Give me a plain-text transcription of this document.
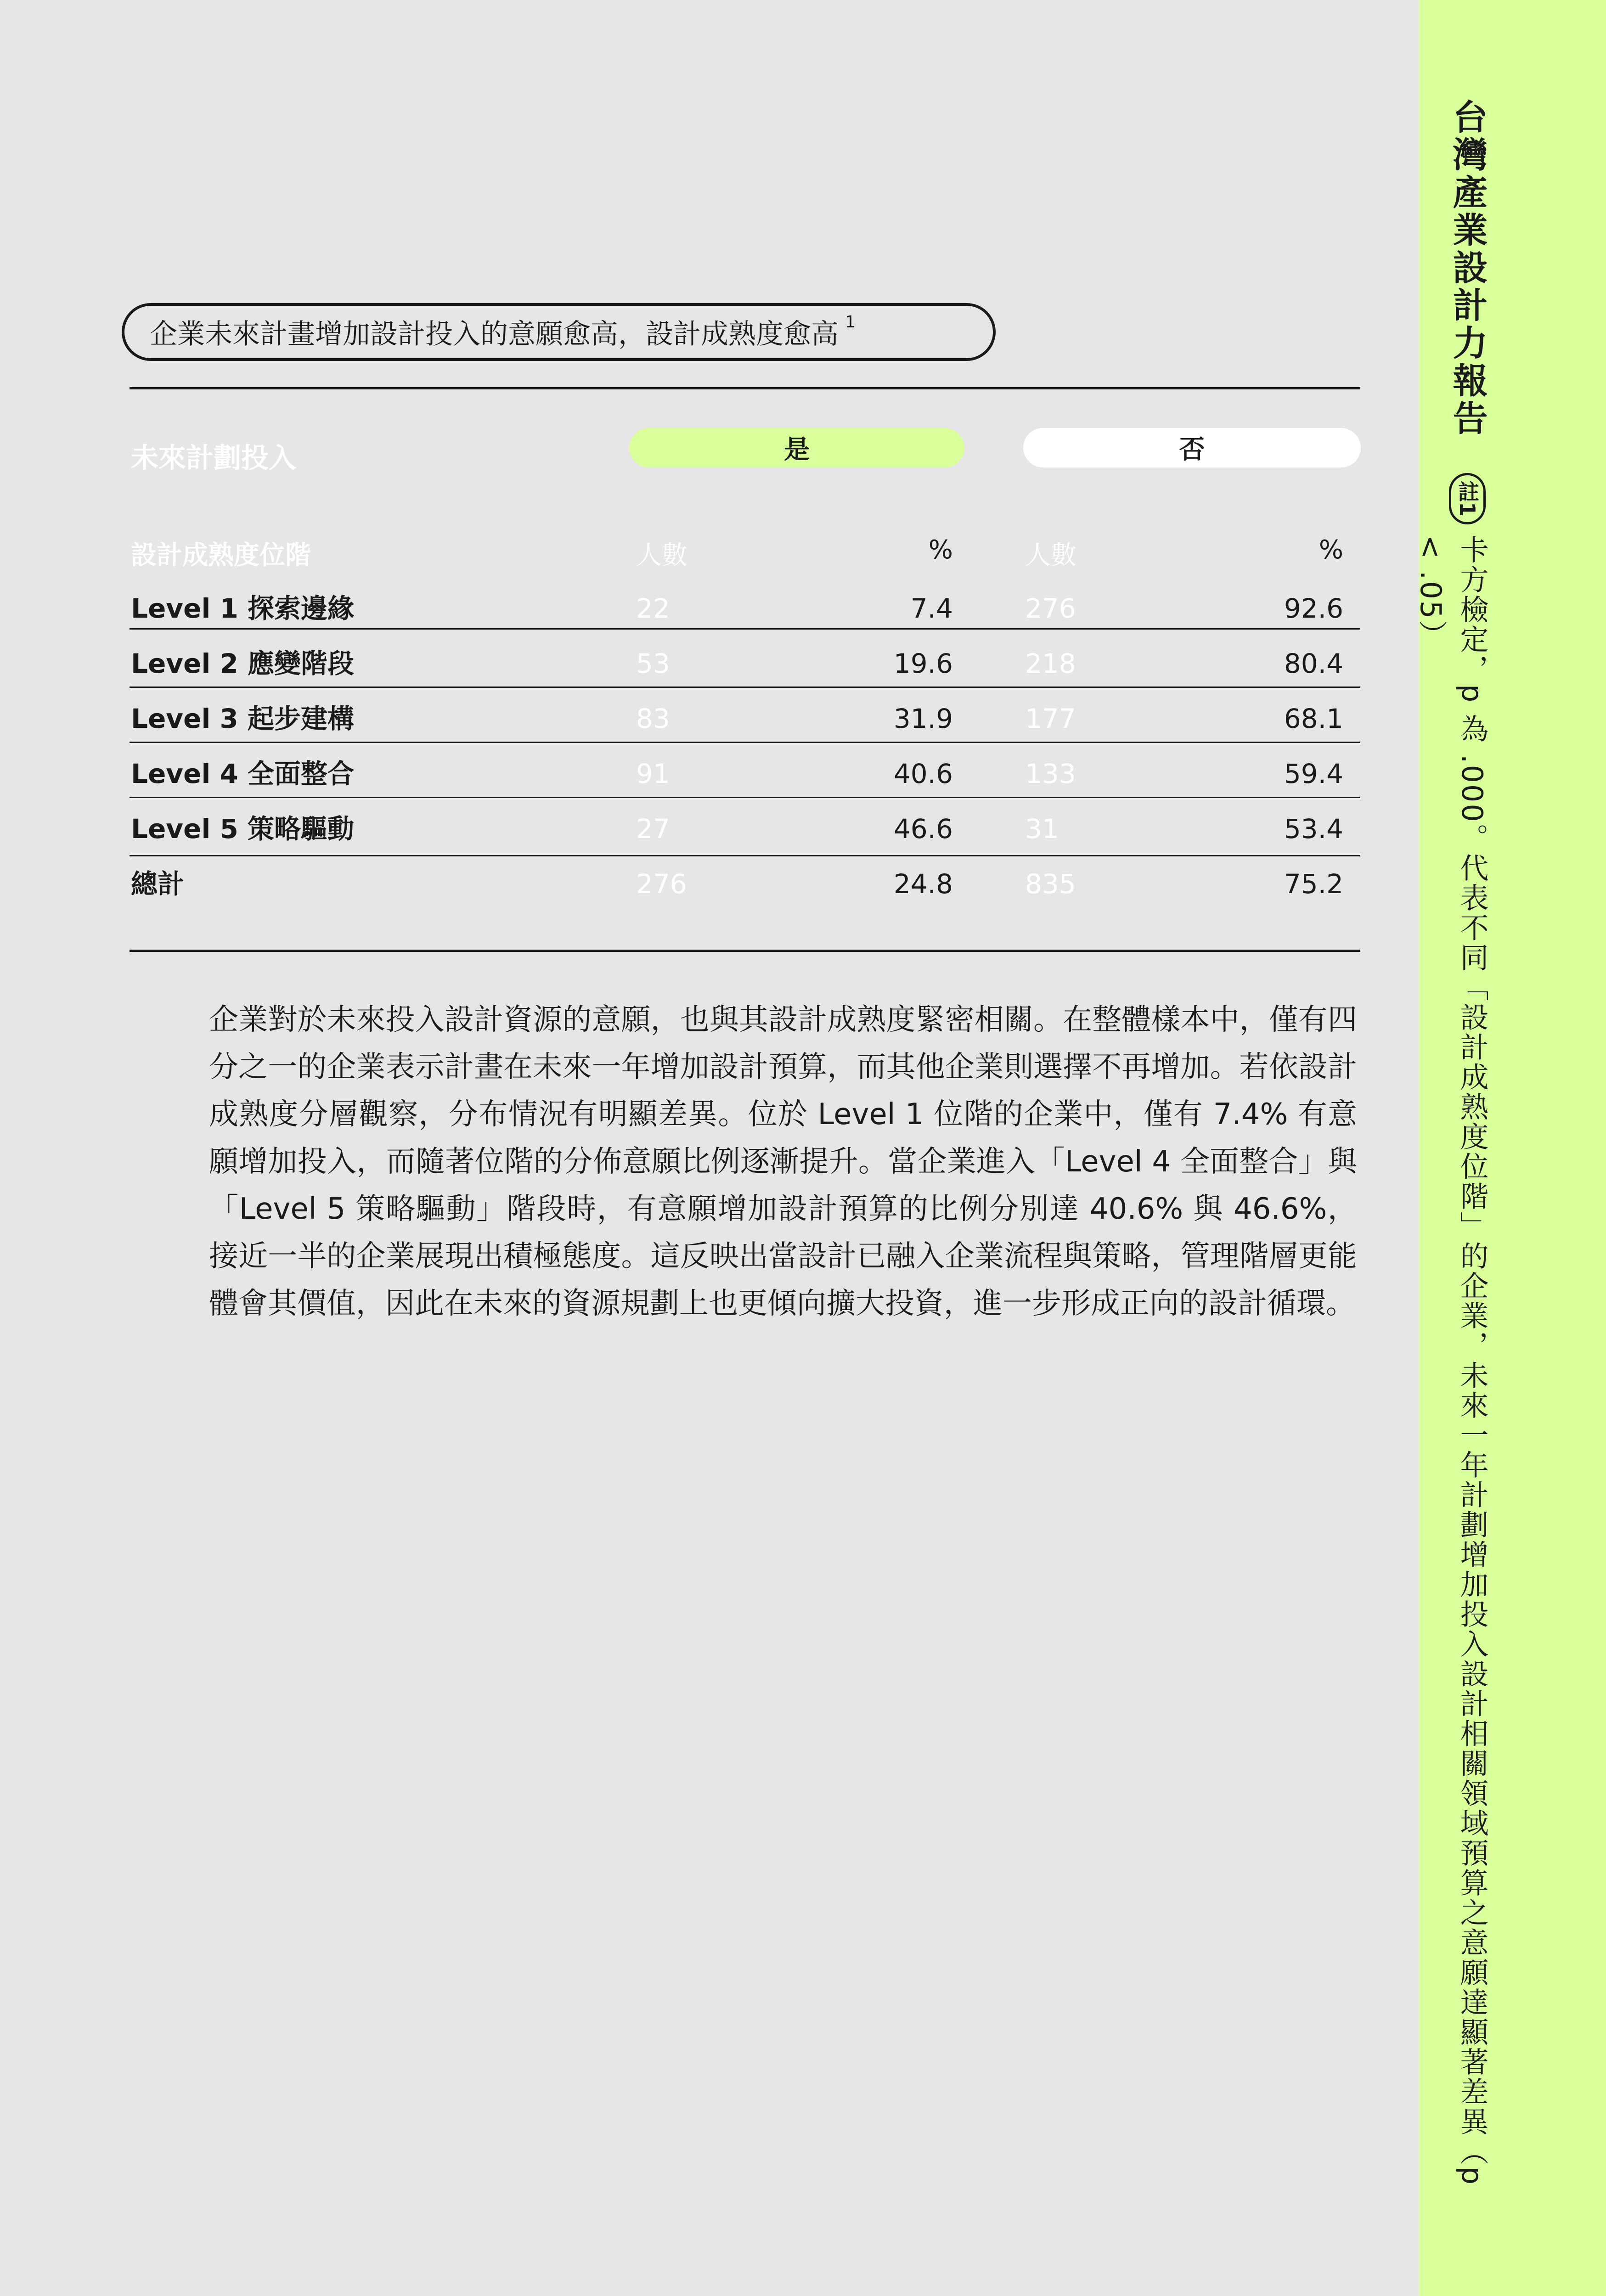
台灣產業設計力報告
註1
卡方檢定，p 為 .000。代表不同「設計成熟度位階」的企業，未來一年計劃增加投入設計相關領域預算之意願達顯著差異（p < .05）
企業未來計畫增加設計投入的意願愈高，設計成熟度愈高 $^1$
未來計劃投入	是	否
設計成熟度位階	人數	%	人數	%
Level 1 探索邊緣	22	7.4	276	92.6
Level 2 應變階段	53	19.6	218	80.4
Level 3 起步建構	83	31.9	177	68.1
Level 4 全面整合	91	40.6	133	59.4
Level 5 策略驅動	27	46.6	31	53.4
總計	276	24.8	835	75.2
企業對於未來投入設計資源的意願，也與其設計成熟度緊密相關。在整體樣本中，僅有四分之一的企業表示計畫在未來一年增加設計預算，而其他企業則選擇不再增加。若依設計成熟度分層觀察，分布情況有明顯差異。位於 Level 1 位階的企業中，僅有 7.4% 有意願增加投入，而隨著位階的分佈意願比例逐漸提升。當企業進入「Level 4 全面整合」與「Level 5 策略驅動」階段時，有意願增加設計預算的比例分別達 40.6% 與 46.6%，接近一半的企業展現出積極態度。這反映出當設計已融入企業流程與策略，管理階層更能體會其價值，因此在未來的資源規劃上也更傾向擴大投資，進一步形成正向的設計循環。
